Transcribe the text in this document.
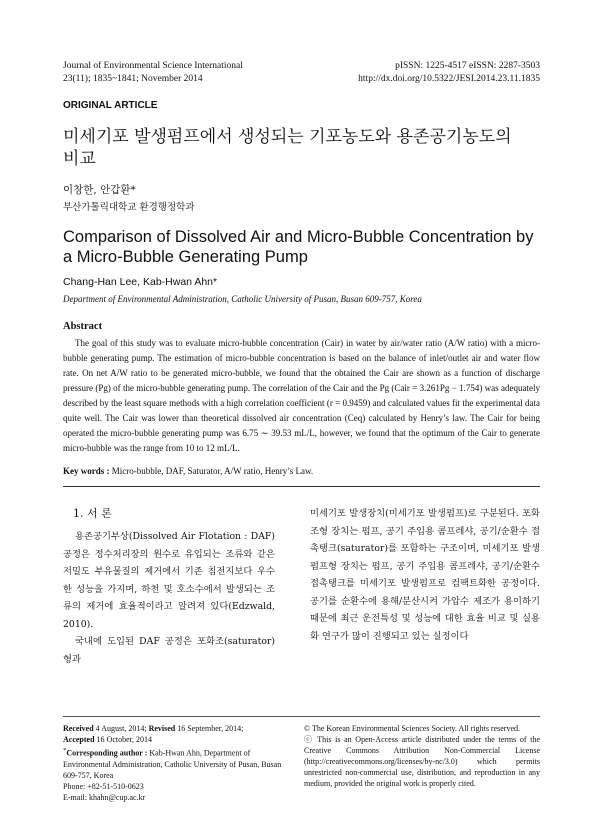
Journal of Environmental Science International
23(11); 1835~1841; November 2014
pISSN: 1225-4517 eISSN: 2287-3503
http://dx.doi.org/10.5322/JESI.2014.23.11.1835
ORIGINAL ARTICLE
미세기포 발생펌프에서 생성되는 기포농도와 용존공기농도의 비교
이창한, 안갑환*
부산가톨릭대학교 환경행정학과
Comparison of Dissolved Air and Micro-Bubble Concentration by a Micro-Bubble Generating Pump
Chang-Han Lee, Kab-Hwan Ahn*
Department of Environmental Administration, Catholic University of Pusan, Busan 609-757, Korea
Abstract
The goal of this study was to evaluate micro-bubble concentration (Cair) in water by air/water ratio (A/W ratio) with a micro-bubble generating pump. The estimation of micro-bubble concentration is based on the balance of inlet/outlet air and water flow rate. On net A/W ratio to be generated micro-bubble, we found that the obtained the Cair are shown as a function of discharge pressure (Pg) of the micro-bubble generating pump. The correlation of the Cair and the Pg (Cair = 3.261Pg − 1.754) was adequately described by the least square methods with a high correlation coefficient (r = 0.9459) and calculated values fit the experimental data quite well. The Cair was lower than theoretical dissolved air concentration (Ceq) calculated by Henry’s law. The Cair for being operated the micro-bubble generating pump was 6.75 ∼ 39.53 mL/L, however, we found that the optimum of the Cair to generate micro-bubble was the range from 10 to 12 mL/L.
Key words : Micro-bubble, DAF, Saturator, A/W ratio, Henry’s Law.
1. 서 론
용존공기부상(Dissolved Air Flotation : DAF) 공정은 정수처리장의 원수로 유입되는 조류와 같은 저밀도 부유물질의 제거에서 기존 침전지보다 우수한 성능을 가지며, 하천 및 호소수에서 발생되는 조류의 제거에 효율적이라고 알려져 있다(Edzwald, 2010).
국내에 도입된 DAF 공정은 포화조(saturator)형과
미세기포 발생장치(미세기포 발생펌프)로 구분된다. 포화조형 장치는 펌프, 공기 주입용 콤프레샤, 공기/순환수 접촉탱크(saturator)를 포함하는 구조이며, 미세기포 발생펌프형 장치는 펌프, 공기 주입용 콤프레샤, 공기/순환수 접촉탱크를 미세기포 발생펌프로 컴팩트화한 공정이다. 공기를 순환수에 용해/분산시켜 가압수 제조가 용이하기 때문에 최근 운전특성 및 성능에 대한 효율 비교 및 실용화 연구가 많이 진행되고 있는 실정이다
Received 4 August, 2014; Revised 16 September, 2014;
Accepted 16 October, 2014
*Corresponding author : Kab-Hwan Ahn, Department of Environmental Administration, Catholic University of Pusan, Busan 609-757, Korea
Phone: +82-51-510-0623
E-mail: khahn@cup.ac.kr
© The Korean Environmental Sciences Society. All rights reserved.
ⓒ This is an Open-Access article distributed under the terms of the Creative Commons Attribution Non-Commercial License (http://creativecommons.org/licenses/by-nc/3.0) which permits unrestricted non-commercial use, distribution, and reproduction in any medium, provided the original work is properly cited.
